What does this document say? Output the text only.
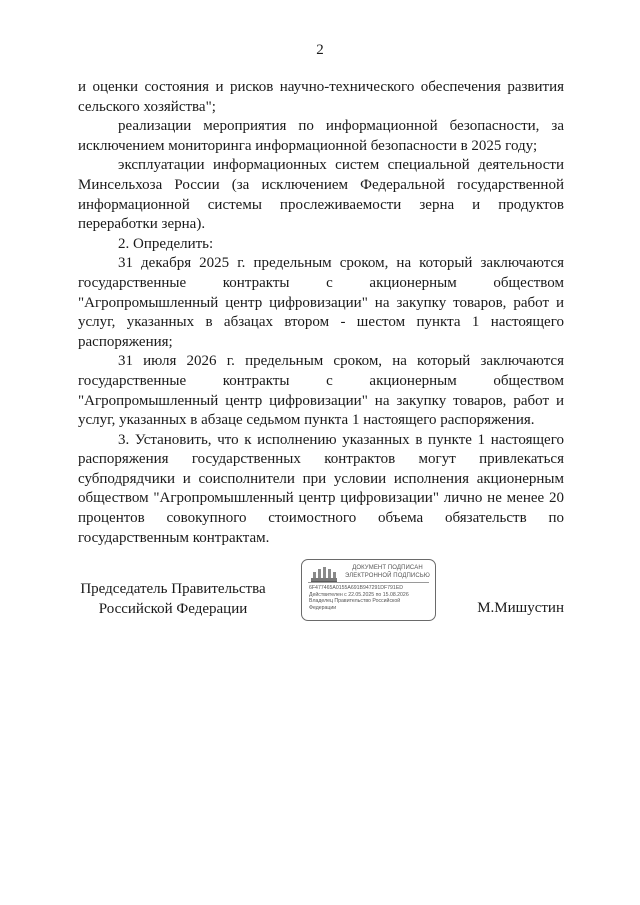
2

и оценки состояния и рисков научно-технического обеспечения развития сельского хозяйства";

реализации мероприятия по информационной безопасности, за исключением мониторинга информационной безопасности в 2025 году;

эксплуатации информационных систем специальной деятельности Минсельхоза России (за исключением Федеральной государственной информационной системы прослеживаемости зерна и продуктов переработки зерна).

2. Определить:

31 декабря 2025 г. предельным сроком, на который заключаются государственные контракты с акционерным обществом "Агропромышленный центр цифровизации" на закупку товаров, работ и услуг, указанных в абзацах втором - шестом пункта 1 настоящего распоряжения;

31 июля 2026 г. предельным сроком, на который заключаются государственные контракты с акционерным обществом "Агропромышленный центр цифровизации" на закупку товаров, работ и услуг, указанных в абзаце седьмом пункта 1 настоящего распоряжения.

3. Установить, что к исполнению указанных в пункте 1 настоящего распоряжения государственных контрактов могут привлекаться субподрядчики и соисполнители при условии исполнения акционерным обществом "Агропромышленный центр цифровизации" лично не менее 20 процентов совокупного стоимостного объема обязательств по государственным контрактам.

Председатель Правительства
Российской Федерации
ДОКУМЕНТ ПОДПИСАН
ЭЛЕКТРОННОЙ ПОДПИСЬЮ
6F477465A0155A691B947291DF791ED
Действителен с 22.05.2025 по 15.08.2026
Владелец Правительство Российской
Федерации	М.Мишустин
